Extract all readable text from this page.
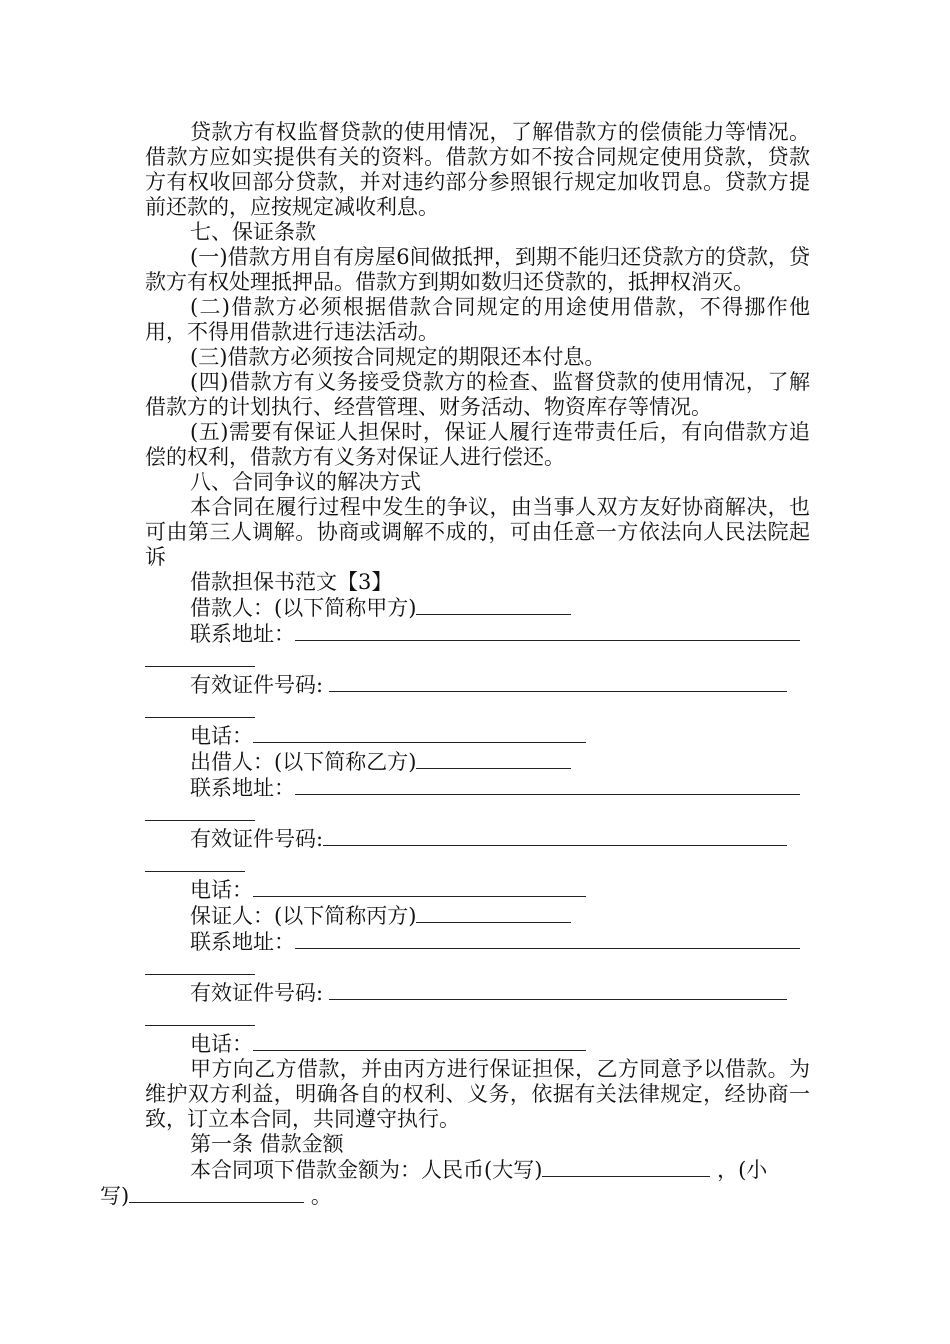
贷款方有权监督贷款的使用情况，了解借款方的偿债能力等情况。借款方应如实提供有关的资料。借款方如不按合同规定使用贷款，贷款方有权收回部分贷款，并对违约部分参照银行规定加收罚息。贷款方提前还款的，应按规定减收利息。

七、保证条款

(一)借款方用自有房屋6间做抵押，到期不能归还贷款方的贷款，贷款方有权处理抵押品。借款方到期如数归还贷款的，抵押权消灭。

(二)借款方必须根据借款合同规定的用途使用借款，不得挪作他用，不得用借款进行违法活动。

(三)借款方必须按合同规定的期限还本付息。

(四)借款方有义务接受贷款方的检查、监督贷款的使用情况，了解借款方的计划执行、经营管理、财务活动、物资库存等情况。

(五)需要有保证人担保时，保证人履行连带责任后，有向借款方追偿的权利，借款方有义务对保证人进行偿还。

八、合同争议的解决方式

本合同在履行过程中发生的争议，由当事人双方友好协商解决，也可由第三人调解。协商或调解不成的，可由任意一方依法向人民法院起诉

借款担保书范文【3】

借款人：(以下简称甲方)

联系地址：

有效证件号码:

电话：

出借人：(以下简称乙方)

联系地址：

有效证件号码:

电话：

保证人：(以下简称丙方)

联系地址：

有效证件号码:

电话：

甲方向乙方借款，并由丙方进行保证担保，乙方同意予以借款。为维护双方利益，明确各自的权利、义务，依据有关法律规定，经协商一致，订立本合同，共同遵守执行。

第一条 借款金额

本合同项下借款金额为：人民币(大写)	，(小
写)	。
